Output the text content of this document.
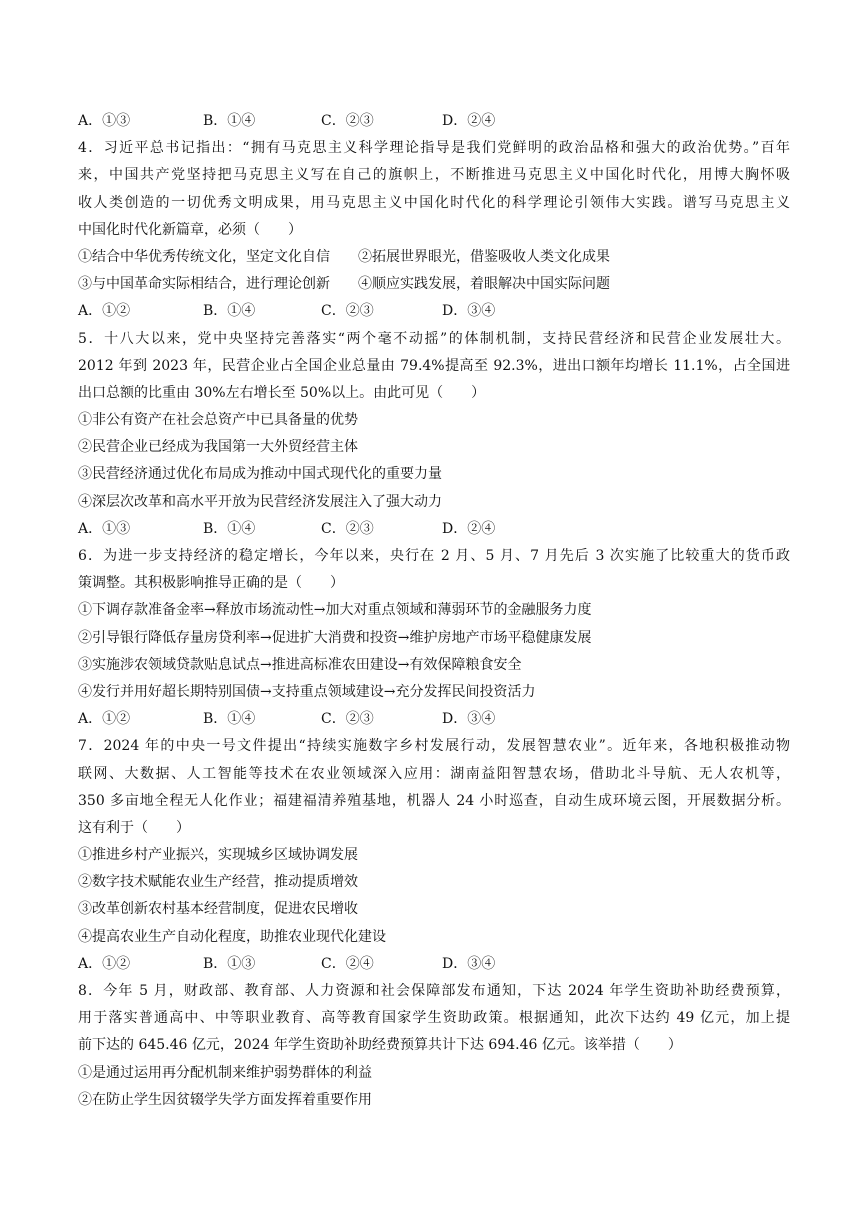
A．①③	B．①④	C．②③	D．②④
4．习近平总书记指出：“拥有马克思主义科学理论指导是我们党鲜明的政治品格和强大的政治优势。”百年
来，中国共产党坚持把马克思主义写在自己的旗帜上，不断推进马克思主义中国化时代化，用博大胸怀吸
收人类创造的一切优秀文明成果，用马克思主义中国化时代化的科学理论引领伟大实践。谱写马克思主义
中国化时代化新篇章，必须（　　）
①结合中华优秀传统文化，坚定文化自信　　②拓展世界眼光，借鉴吸收人类文化成果
③与中国革命实际相结合，进行理论创新　　④顺应实践发展，着眼解决中国实际问题
A．①②	B．①④	C．②③	D．③④
5．十八大以来，党中央坚持完善落实“两个毫不动摇”的体制机制，支持民营经济和民营企业发展壮大。
2012 年到 2023 年，民营企业占全国企业总量由 79.4%提高至 92.3%，进出口额年均增长 11.1%，占全国进
出口总额的比重由 30%左右增长至 50%以上。由此可见（　　）
①非公有资产在社会总资产中已具备量的优势
②民营企业已经成为我国第一大外贸经营主体
③民营经济通过优化布局成为推动中国式现代化的重要力量
④深层次改革和高水平开放为民营经济发展注入了强大动力
A．①③	B．①④	C．②③	D．②④
6．为进一步支持经济的稳定增长，今年以来，央行在 2 月、5 月、7 月先后 3 次实施了比较重大的货币政
策调整。其积极影响推导正确的是（　　）
①下调存款准备金率→释放市场流动性→加大对重点领域和薄弱环节的金融服务力度
②引导银行降低存量房贷利率→促进扩大消费和投资→维护房地产市场平稳健康发展
③实施涉农领域贷款贴息试点→推进高标准农田建设→有效保障粮食安全
④发行并用好超长期特别国债→支持重点领域建设→充分发挥民间投资活力
A．①②	B．①④	C．②③	D．③④
7．2024 年的中央一号文件提出“持续实施数字乡村发展行动，发展智慧农业”。近年来，各地积极推动物
联网、大数据、人工智能等技术在农业领域深入应用：湖南益阳智慧农场，借助北斗导航、无人农机等，
350 多亩地全程无人化作业；福建福清养殖基地，机器人 24 小时巡查，自动生成环境云图，开展数据分析。
这有利于（　　）
①推进乡村产业振兴，实现城乡区域协调发展
②数字技术赋能农业生产经营，推动提质增效
③改革创新农村基本经营制度，促进农民增收
④提高农业生产自动化程度，助推农业现代化建设
A．①②	B．①③	C．②④	D．③④
8．今年 5 月，财政部、教育部、人力资源和社会保障部发布通知，下达 2024 年学生资助补助经费预算，
用于落实普通高中、中等职业教育、高等教育国家学生资助政策。根据通知，此次下达约 49 亿元，加上提
前下达的 645.46 亿元，2024 年学生资助补助经费预算共计下达 694.46 亿元。该举措（　　）
①是通过运用再分配机制来维护弱势群体的利益
②在防止学生因贫辍学失学方面发挥着重要作用
